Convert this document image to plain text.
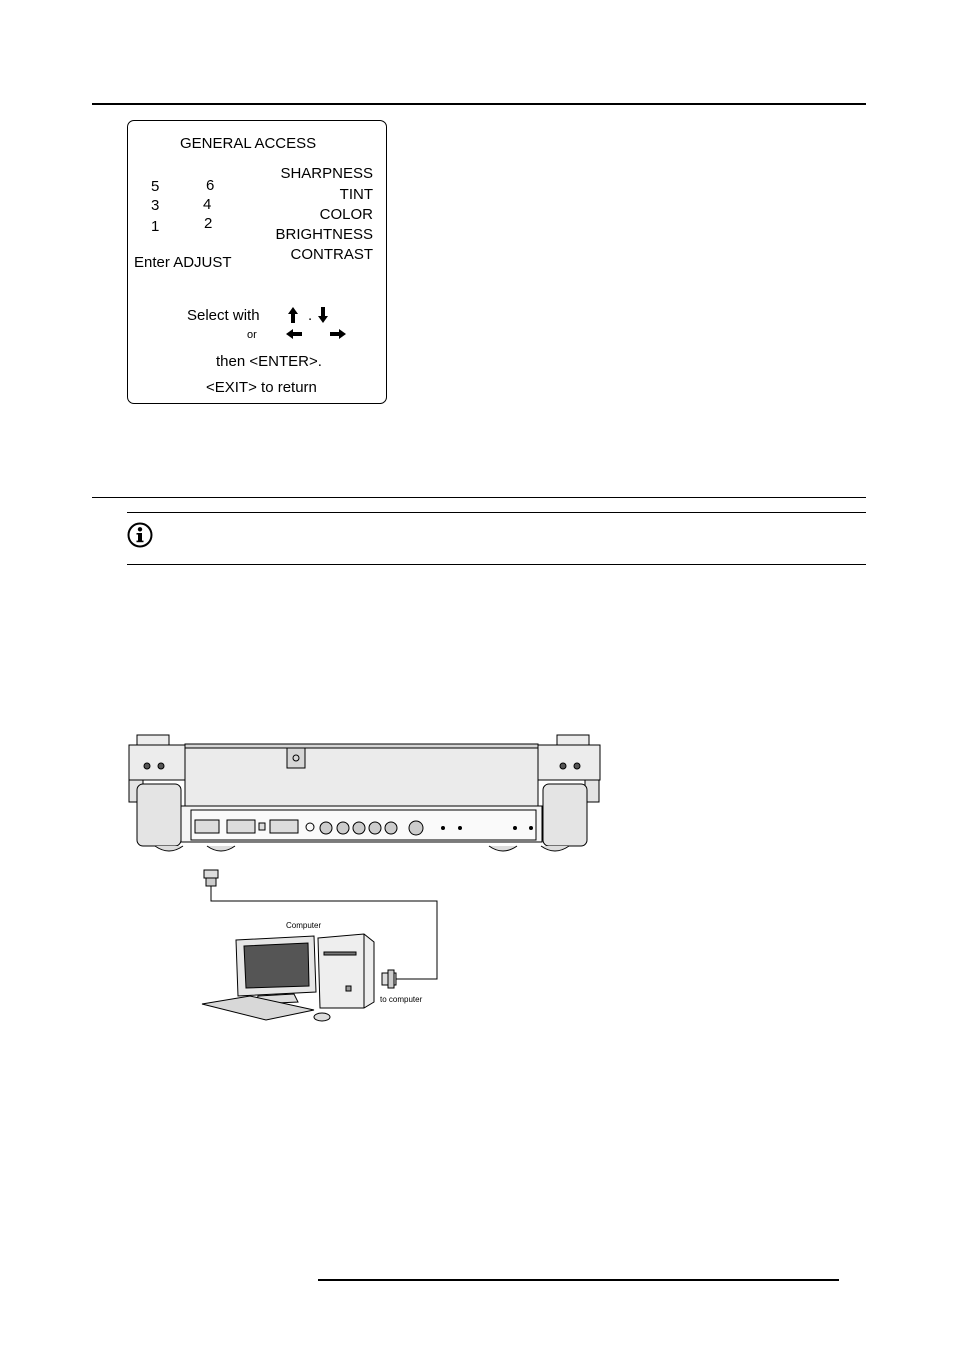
GENERAL ACCESS
5	6
3	4
1	2
SHARPNESS
TINT
COLOR
BRIGHTNESS
CONTRAST
Enter ADJUST
Select with	.
or
then <ENTER>.
<EXIT> to return
Computer
to computer
